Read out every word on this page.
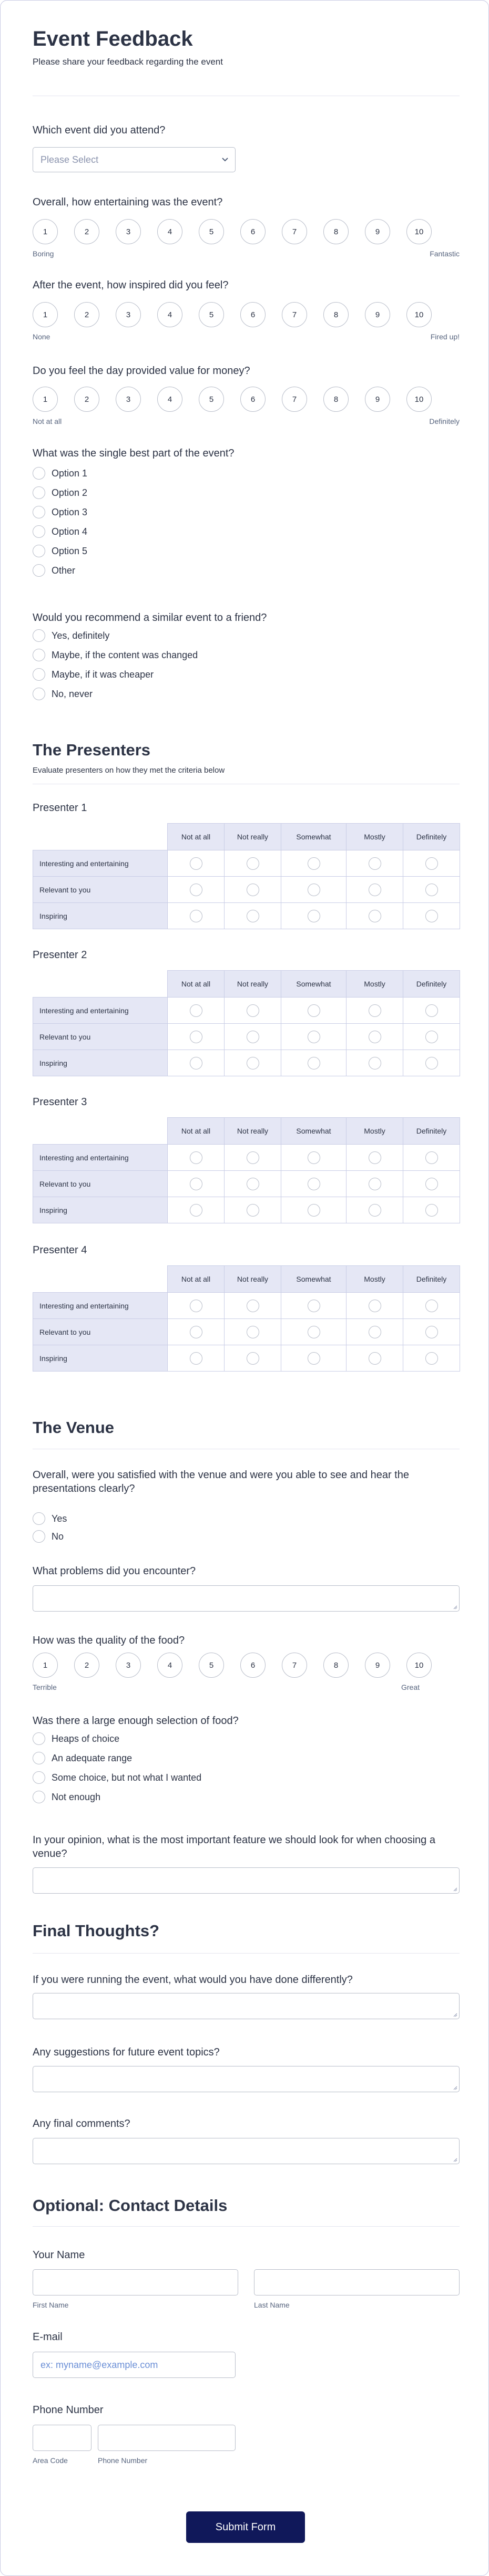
Event Feedback
Please share your feedback regarding the event
Which event did you attend?
Please Select
Overall, how entertaining was the event?
Boring	Fantastic
1	2	3	4	5	6	7	8	9	10
After the event, how inspired did you feel?
None	Fired up!
1	2	3	4	5	6	7	8	9	10
Do you feel the day provided value for money?
Not at all	Definitely
1	2	3	4	5	6	7	8	9	10
What was the single best part of the event?
Option 1
Option 2
Option 3
Option 4
Option 5
Other
Would you recommend a similar event to a friend?
Yes, definitely
Maybe, if the content was changed
Maybe, if it was cheaper
No, never
The Presenters
Evaluate presenters on how they met the criteria below
Presenter 1
	Not at all	Not really	Somewhat	Mostly	Definitely
Interesting and entertaining					
Relevant to you					
Inspiring					
Presenter 2
	Not at all	Not really	Somewhat	Mostly	Definitely
Interesting and entertaining					
Relevant to you					
Inspiring					
Presenter 3
	Not at all	Not really	Somewhat	Mostly	Definitely
Interesting and entertaining					
Relevant to you					
Inspiring					
Presenter 4
	Not at all	Not really	Somewhat	Mostly	Definitely
Interesting and entertaining					
Relevant to you					
Inspiring					
The Venue
Overall, were you satisfied with the venue and were you able to see and hear the presentations clearly?
Yes
No
What problems did you encounter?
How was the quality of the food?
Terrible	Great
1	2	3	4	5	6	7	8	9	10
Was there a large enough selection of food?
Heaps of choice
An adequate range
Some choice, but not what I wanted
Not enough
In your opinion, what is the most important feature we should look for when choosing a venue?
Final Thoughts?
If you were running the event, what would you have done differently?
Any suggestions for future event topics?
Any final comments?
Optional: Contact Details
Your Name
First Name	Last Name
E-mail
ex: myname@example.com
Phone Number
Area Code	Phone Number
Submit Form
